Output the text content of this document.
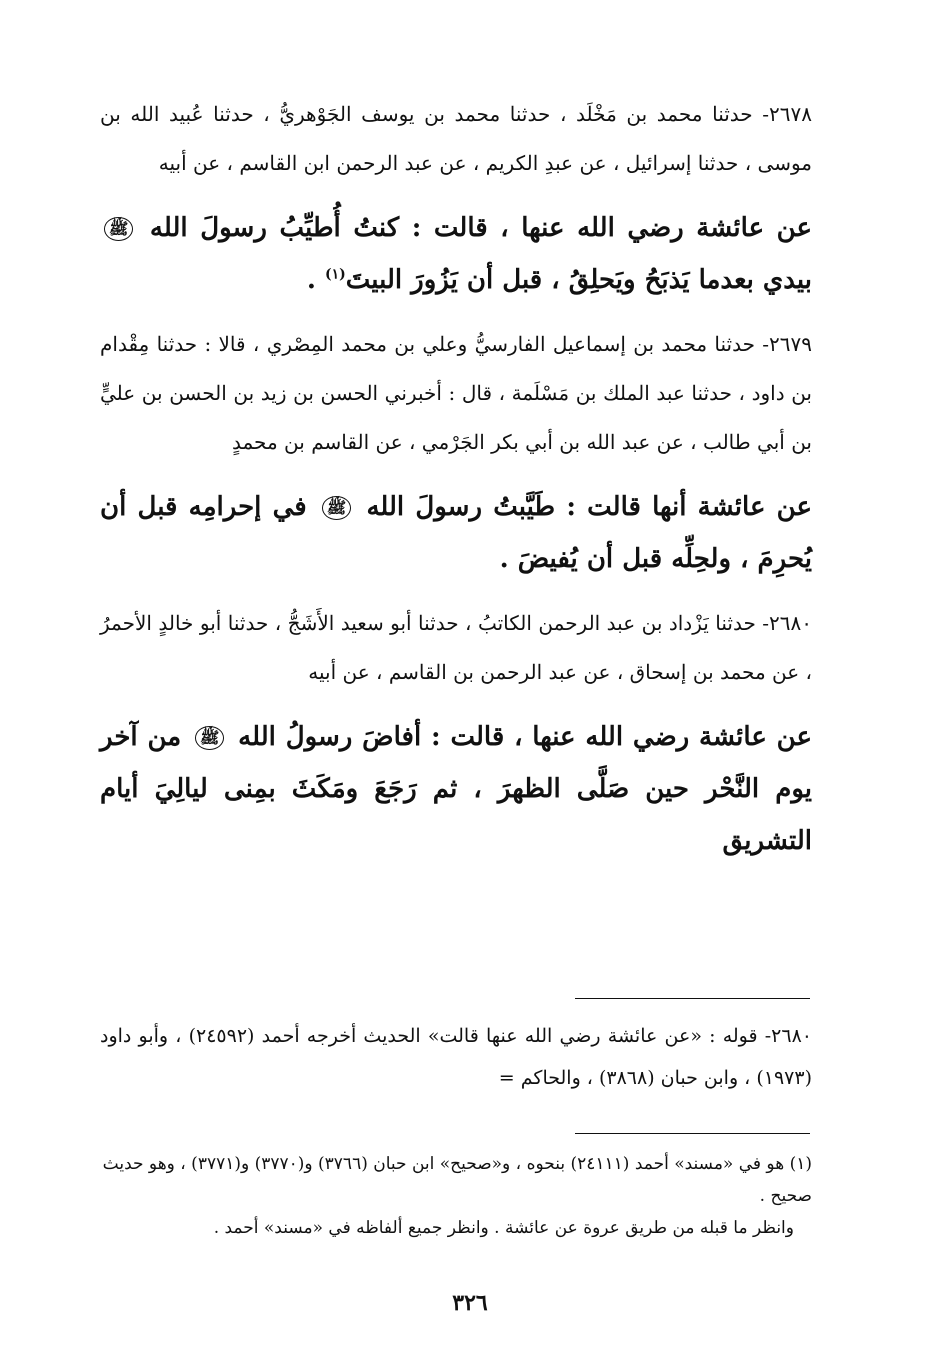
٢٦٧٨- حدثنا محمد بن مَخْلَد ، حدثنا محمد بن يوسف الجَوْهريُّ ، حدثنا عُبيد الله بن موسى ، حدثنا إسرائيل ، عن عبدِ الكريم ، عن عبد الرحمن ابن القاسم ، عن أبيه

عن عائشة رضي الله عنها ، قالت : كنتُ أُطيِّبُ رسولَ الله ﷺ بيدي بعدما يَذبَحُ ويَحلِقُ ، قبل أن يَزُورَ البيتَ$^{(١)}$ .

٢٦٧٩- حدثنا محمد بن إسماعيل الفارسيُّ وعلي بن محمد المِصْري ، قالا : حدثنا مِقْدام بن داود ، حدثنا عبد الملك بن مَسْلَمة ، قال : أخبرني الحسن بن زيد بن الحسن بن عليٍّ بن أبي طالب ، عن عبد الله بن أبي بكر الجَرْمي ، عن القاسم بن محمدٍ

عن عائشة أنها قالت : طَيَّبتُ رسولَ الله ﷺ في إحرامِه قبل أن يُحرِمَ ، ولحِلِّه قبل أن يُفيضَ .

٢٦٨٠- حدثنا يَزْداد بن عبد الرحمن الكاتبُ ، حدثنا أبو سعيد الأَشَجُّ ، حدثنا أبو خالدٍ الأحمرُ ، عن محمد بن إسحاق ، عن عبد الرحمن بن القاسم ، عن أبيه

عن عائشة رضي الله عنها ، قالت : أفاضَ رسولُ الله ﷺ من آخر يوم النَّحْر حين صَلَّى الظهرَ ، ثم رَجَعَ ومَكَثَ بمِنى ليالِيَ أيام التشريق

٢٦٨٠- قوله : «عن عائشة رضي الله عنها قالت» الحديث أخرجه أحمد (٢٤٥٩٢) ، وأبو داود (١٩٧٣) ، وابن حبان (٣٨٦٨) ، والحاكم =

(١) هو في «مسند» أحمد (٢٤١١١) بنحوه ، و«صحيح» ابن حبان (٣٧٦٦) و(٣٧٧٠) و(٣٧٧١) ، وهو حديث صحيح .

وانظر ما قبله من طريق عروة عن عائشة . وانظر جميع ألفاظه في «مسند» أحمد .

٣٢٦
